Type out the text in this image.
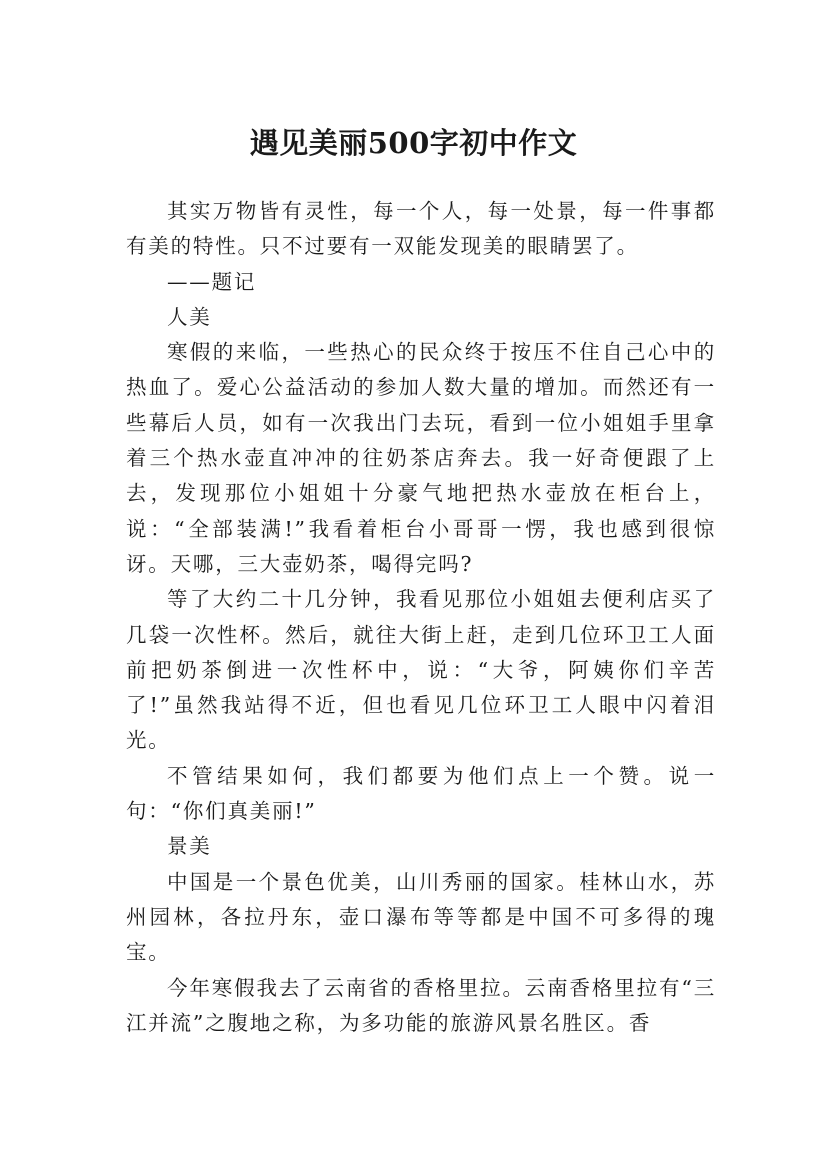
遇见美丽500字初中作文

其实万物皆有灵性，每一个人，每一处景，每一件事都有美的特性。只不过要有一双能发现美的眼睛罢了。

——题记

人美

寒假的来临，一些热心的民众终于按压不住自己心中的热血了。爱心公益活动的参加人数大量的增加。而然还有一些幕后人员，如有一次我出门去玩，看到一位小姐姐手里拿着三个热水壶直冲冲的往奶茶店奔去。我一好奇便跟了上去，发现那位小姐姐十分豪气地把热水壶放在柜台上，说：“全部装满!”我看着柜台小哥哥一愣，我也感到很惊讶。天哪，三大壶奶茶，喝得完吗?

等了大约二十几分钟，我看见那位小姐姐去便利店买了几袋一次性杯。然后，就往大街上赶，走到几位环卫工人面前把奶茶倒进一次性杯中，说：“大爷，阿姨你们辛苦了!”虽然我站得不近，但也看见几位环卫工人眼中闪着泪光。

不管结果如何，我们都要为他们点上一个赞。说一句：“你们真美丽!”

景美

中国是一个景色优美，山川秀丽的国家。桂林山水，苏州园林，各拉丹东，壶口瀑布等等都是中国不可多得的瑰宝。

今年寒假我去了云南省的香格里拉。云南香格里拉有“三江并流”之腹地之称，为多功能的旅游风景名胜区。香
